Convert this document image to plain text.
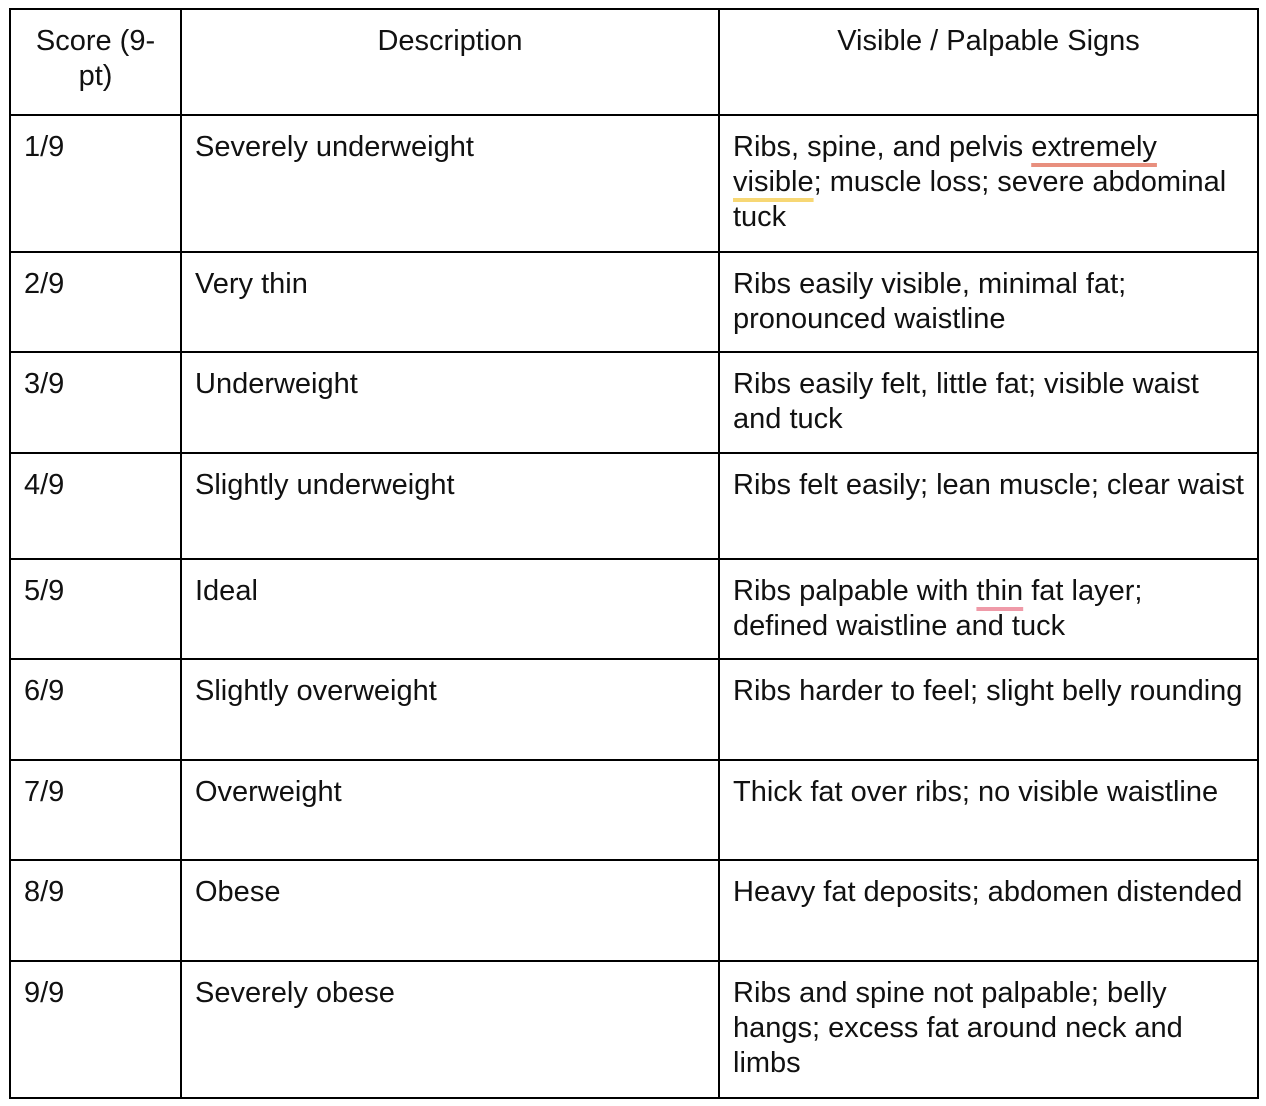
Score (9-pt)	Description	Visible / Palpable Signs
1/9	Severely underweight	Ribs, spine, and pelvis extremely visible; muscle loss; severe abdominal tuck
2/9	Very thin	Ribs easily visible, minimal fat; pronounced waistline
3/9	Underweight	Ribs easily felt, little fat; visible waist and tuck
4/9	Slightly underweight	Ribs felt easily; lean muscle; clear waist
5/9	Ideal	Ribs palpable with thin fat layer; defined waistline and tuck
6/9	Slightly overweight	Ribs harder to feel; slight belly rounding
7/9	Overweight	Thick fat over ribs; no visible waistline
8/9	Obese	Heavy fat deposits; abdomen distended
9/9	Severely obese	Ribs and spine not palpable; belly hangs; excess fat around neck and limbs
